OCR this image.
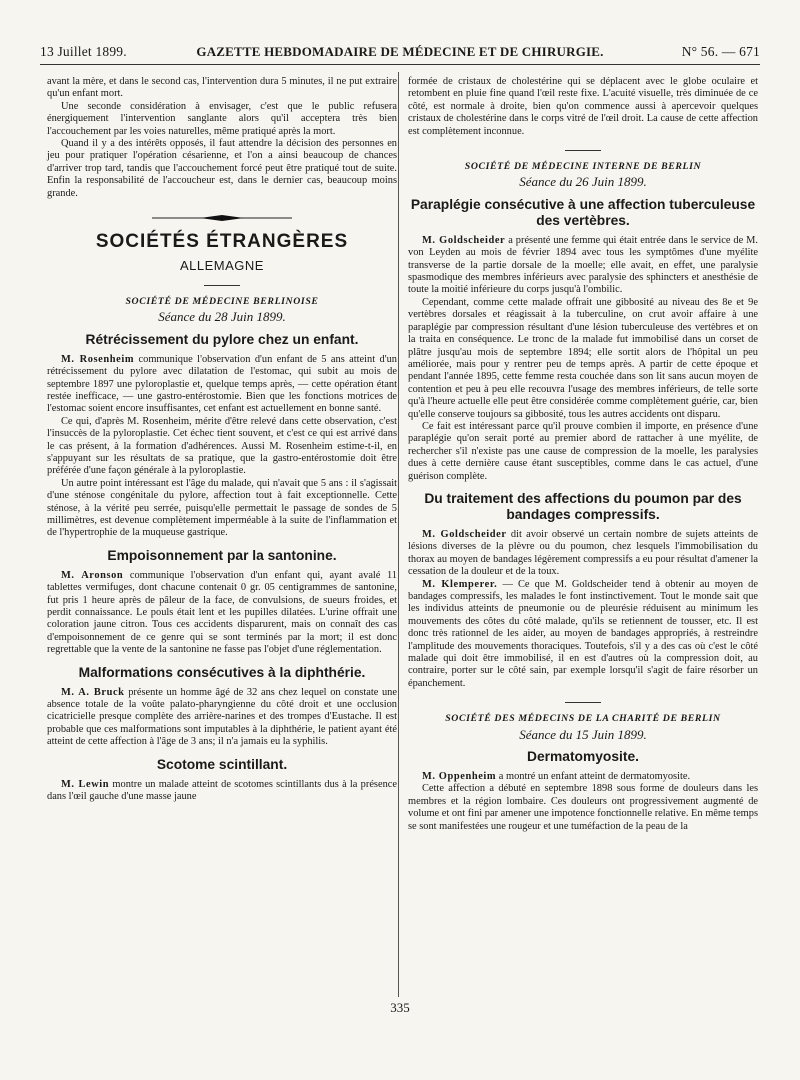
13 Juillet 1899.	GAZETTE HEBDOMADAIRE DE MÉDECINE ET DE CHIRURGIE.	N° 56. — 671

avant la mère, et dans le second cas, l'intervention dura 5 minutes, il ne put extraire qu'un enfant mort.

Une seconde considération à envisager, c'est que le public refusera énergiquement l'intervention sanglante alors qu'il acceptera très bien l'accouchement par les voies naturelles, même pratiqué après la mort.

Quand il y a des intérêts opposés, il faut attendre la décision des personnes en jeu pour pratiquer l'opération césarienne, et l'on a ainsi beaucoup de chances d'arriver trop tard, tandis que l'accouchement forcé peut être pratiqué tout de suite. Enfin la responsabilité de l'accoucheur est, dans le dernier cas, beaucoup moins grande.

SOCIÉTÉS ÉTRANGÈRES
ALLEMAGNE
SOCIÉTÉ DE MÉDECINE BERLINOISE
Séance du 28 Juin 1899.
Rétrécissement du pylore chez un enfant.

M. Rosenheim communique l'observation d'un enfant de 5 ans atteint d'un rétrécissement du pylore avec dilatation de l'estomac, qui subit au mois de septembre 1897 une pyloroplastie et, quelque temps après, — cette opération étant restée inefficace, — une gastro-entérostomie. Bien que les fonctions motrices de l'estomac soient encore insuffisantes, cet enfant est actuellement en bonne santé.

Ce qui, d'après M. Rosenheim, mérite d'être relevé dans cette observation, c'est l'insuccès de la pyloroplastie. Cet échec tient souvent, et c'est ce qui est arrivé dans le cas présent, à la formation d'adhérences. Aussi M. Rosenheim estime-t-il, en s'appuyant sur les résultats de sa pratique, que la gastro-entérostomie doit être préférée d'une façon générale à la pyloroplastie.

Un autre point intéressant est l'âge du malade, qui n'avait que 5 ans : il s'agissait d'une sténose congénitale du pylore, affection tout à fait exceptionnelle. Cette sténose, à la vérité peu serrée, puisqu'elle permettait le passage de sondes de 5 millimètres, est devenue complètement imperméable à la suite de l'inflammation et de l'hypertrophie de la muqueuse gastrique.

Empoisonnement par la santonine.

M. Aronson communique l'observation d'un enfant qui, ayant avalé 11 tablettes vermifuges, dont chacune contenait 0 gr. 05 centigrammes de santonine, fut pris 1 heure après de pâleur de la face, de convulsions, de sueurs froides, et perdit connaissance. Le pouls était lent et les pupilles dilatées. L'urine offrait une coloration jaune citron. Tous ces accidents disparurent, mais on connaît des cas d'empoisonnement de ce genre qui se sont terminés par la mort; il est donc regrettable que la vente de la santonine ne fasse pas l'objet d'une réglementation.

Malformations consécutives à la diphthérie.

M. A. Bruck présente un homme âgé de 32 ans chez lequel on constate une absence totale de la voûte palato-pharyngienne du côté droit et une occlusion cicatricielle presque complète des arrière-narines et des trompes d'Eustache. Il est probable que ces malformations sont imputables à la diphthérie, le patient ayant été atteint de cette affection à l'âge de 3 ans; il n'a jamais eu la syphilis.

Scotome scintillant.

M. Lewin montre un malade atteint de scotomes scintillants dus à la présence dans l'œil gauche d'une masse jaune

formée de cristaux de cholestérine qui se déplacent avec le globe oculaire et retombent en pluie fine quand l'œil reste fixe. L'acuité visuelle, très diminuée de ce côté, est normale à droite, bien qu'on commence aussi à apercevoir quelques cristaux de cholestérine dans le corps vitré de l'œil droit. La cause de cette affection est complètement inconnue.

SOCIÉTÉ DE MÉDECINE INTERNE DE BERLIN
Séance du 26 Juin 1899.
Paraplégie consécutive à une affection tuberculeuse des vertèbres.

M. Goldscheider a présenté une femme qui était entrée dans le service de M. von Leyden au mois de février 1894 avec tous les symptômes d'une myélite transverse de la partie dorsale de la moelle; elle avait, en effet, une paralysie spasmodique des membres inférieurs avec paralysie des sphincters et anesthésie de toute la moitié inférieure du corps jusqu'à l'ombilic.

Cependant, comme cette malade offrait une gibbosité au niveau des 8e et 9e vertèbres dorsales et réagissait à la tuberculine, on crut avoir affaire à une paraplégie par compression résultant d'une lésion tuberculeuse des vertèbres et on la traita en conséquence. Le tronc de la malade fut immobilisé dans un corset de plâtre jusqu'au mois de septembre 1894; elle sortit alors de l'hôpital un peu améliorée, mais pour y rentrer peu de temps après. A partir de cette époque et pendant l'année 1895, cette femme resta couchée dans son lit sans aucun moyen de contention et peu à peu elle recouvra l'usage des membres inférieurs, de telle sorte qu'à l'heure actuelle elle peut être considérée comme complètement guérie, car, bien qu'elle conserve toujours sa gibbosité, tous les autres accidents ont disparu.

Ce fait est intéressant parce qu'il prouve combien il importe, en présence d'une paraplégie qu'on serait porté au premier abord de rattacher à une myélite, de rechercher s'il n'existe pas une cause de compression de la moelle, les paralysies dues à cette dernière cause étant susceptibles, comme dans le cas actuel, d'une guérison complète.

Du traitement des affections du poumon par des bandages compressifs.

M. Goldscheider dit avoir observé un certain nombre de sujets atteints de lésions diverses de la plèvre ou du poumon, chez lesquels l'immobilisation du thorax au moyen de bandages légèrement compressifs a eu pour résultat d'amener la cessation de la douleur et de la toux.

M. Klemperer. — Ce que M. Goldscheider tend à obtenir au moyen de bandages compressifs, les malades le font instinctivement. Tout le monde sait que les individus atteints de pneumonie ou de pleurésie réduisent au minimum les mouvements des côtes du côté malade, qu'ils se retiennent de tousser, etc. Il est donc très rationnel de les aider, au moyen de bandages appropriés, à restreindre l'amplitude des mouvements thoraciques. Toutefois, s'il y a des cas où c'est le côté malade qui doit être immobilisé, il en est d'autres où la compression doit, au contraire, porter sur le côté sain, par exemple lorsqu'il s'agit de faire résorber un épanchement.

SOCIÉTÉ DES MÉDECINS DE LA CHARITÉ DE BERLIN
Séance du 15 Juin 1899.
Dermatomyosite.

M. Oppenheim a montré un enfant atteint de dermatomyosite.

Cette affection a débuté en septembre 1898 sous forme de douleurs dans les membres et la région lombaire. Ces douleurs ont progressivement augmenté de volume et ont fini par amener une impotence fonctionnelle relative. En même temps se sont manifestées une rougeur et une tuméfaction de la peau de la

335
